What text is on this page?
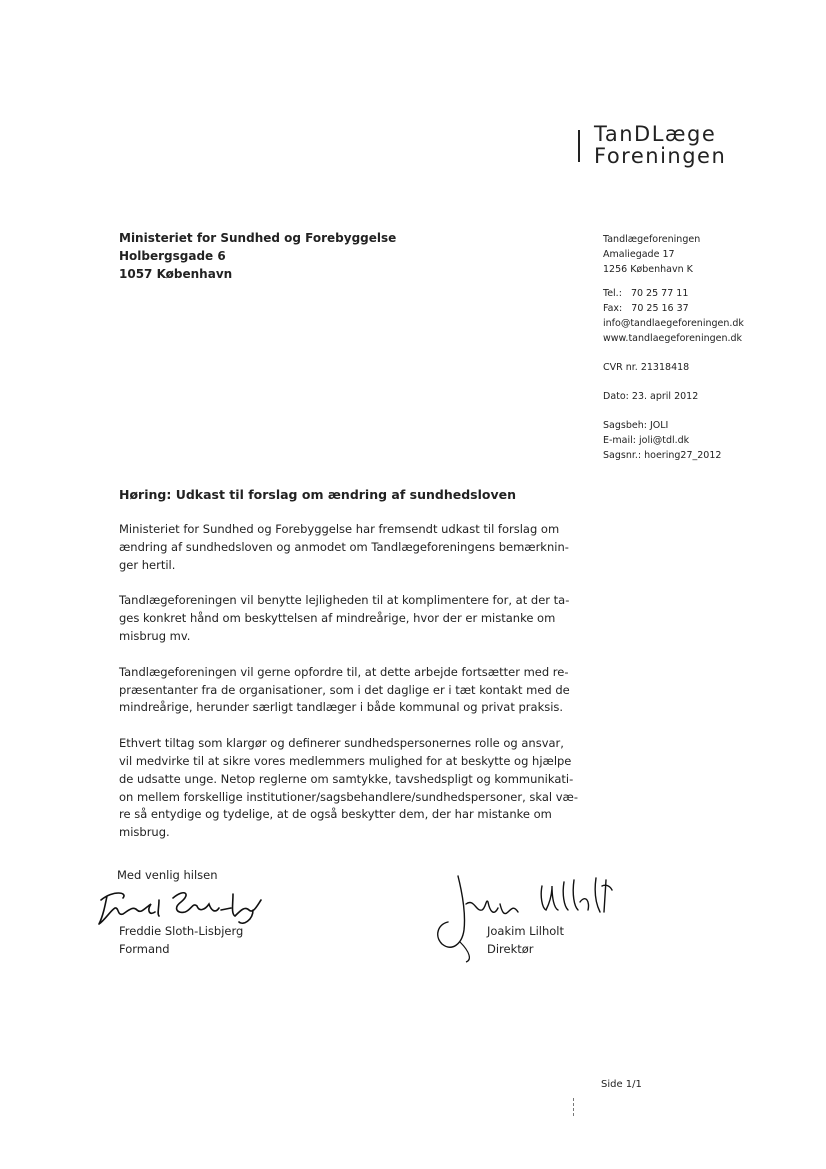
TanDLæge
Foreningen
Ministeriet for Sundhed og Forebyggelse
Holbergsgade 6
1057 København
Tandlægeforeningen
Amaliegade 17
1256 København K
Tel.:   70 25 77 11
Fax:   70 25 16 37
info@tandlaegeforeningen.dk
www.tandlaegeforeningen.dk
CVR nr. 21318418
Dato: 23. april 2012
Sagsbeh: JOLI
E-mail: joli@tdl.dk
Sagsnr.: hoering27_2012
Høring: Udkast til forslag om ændring af sundhedsloven

Ministeriet for Sundhed og Forebyggelse har fremsendt udkast til forslag om
ændring af sundhedsloven og anmodet om Tandlægeforeningens bemærknin-
ger hertil.

Tandlægeforeningen vil benytte lejligheden til at komplimentere for, at der ta-
ges konkret hånd om beskyttelsen af mindreårige, hvor der er mistanke om
misbrug mv.

Tandlægeforeningen vil gerne opfordre til, at dette arbejde fortsætter med re-
præsentanter fra de organisationer, som i det daglige er i tæt kontakt med de
mindreårige, herunder særligt tandlæger i både kommunal og privat praksis.

Ethvert tiltag som klargør og definerer sundhedspersonernes rolle og ansvar,
vil medvirke til at sikre vores medlemmers mulighed for at beskytte og hjælpe
de udsatte unge. Netop reglerne om samtykke, tavshedspligt og kommunikati-
on mellem forskellige institutioner/sagsbehandlere/sundhedspersoner, skal væ-
re så entydige og tydelige, at de også beskytter dem, der har mistanke om
misbrug.

Med venlig hilsen
Freddie Sloth-Lisbjerg
Formand
Joakim Lilholt
Direktør
Side 1/1
